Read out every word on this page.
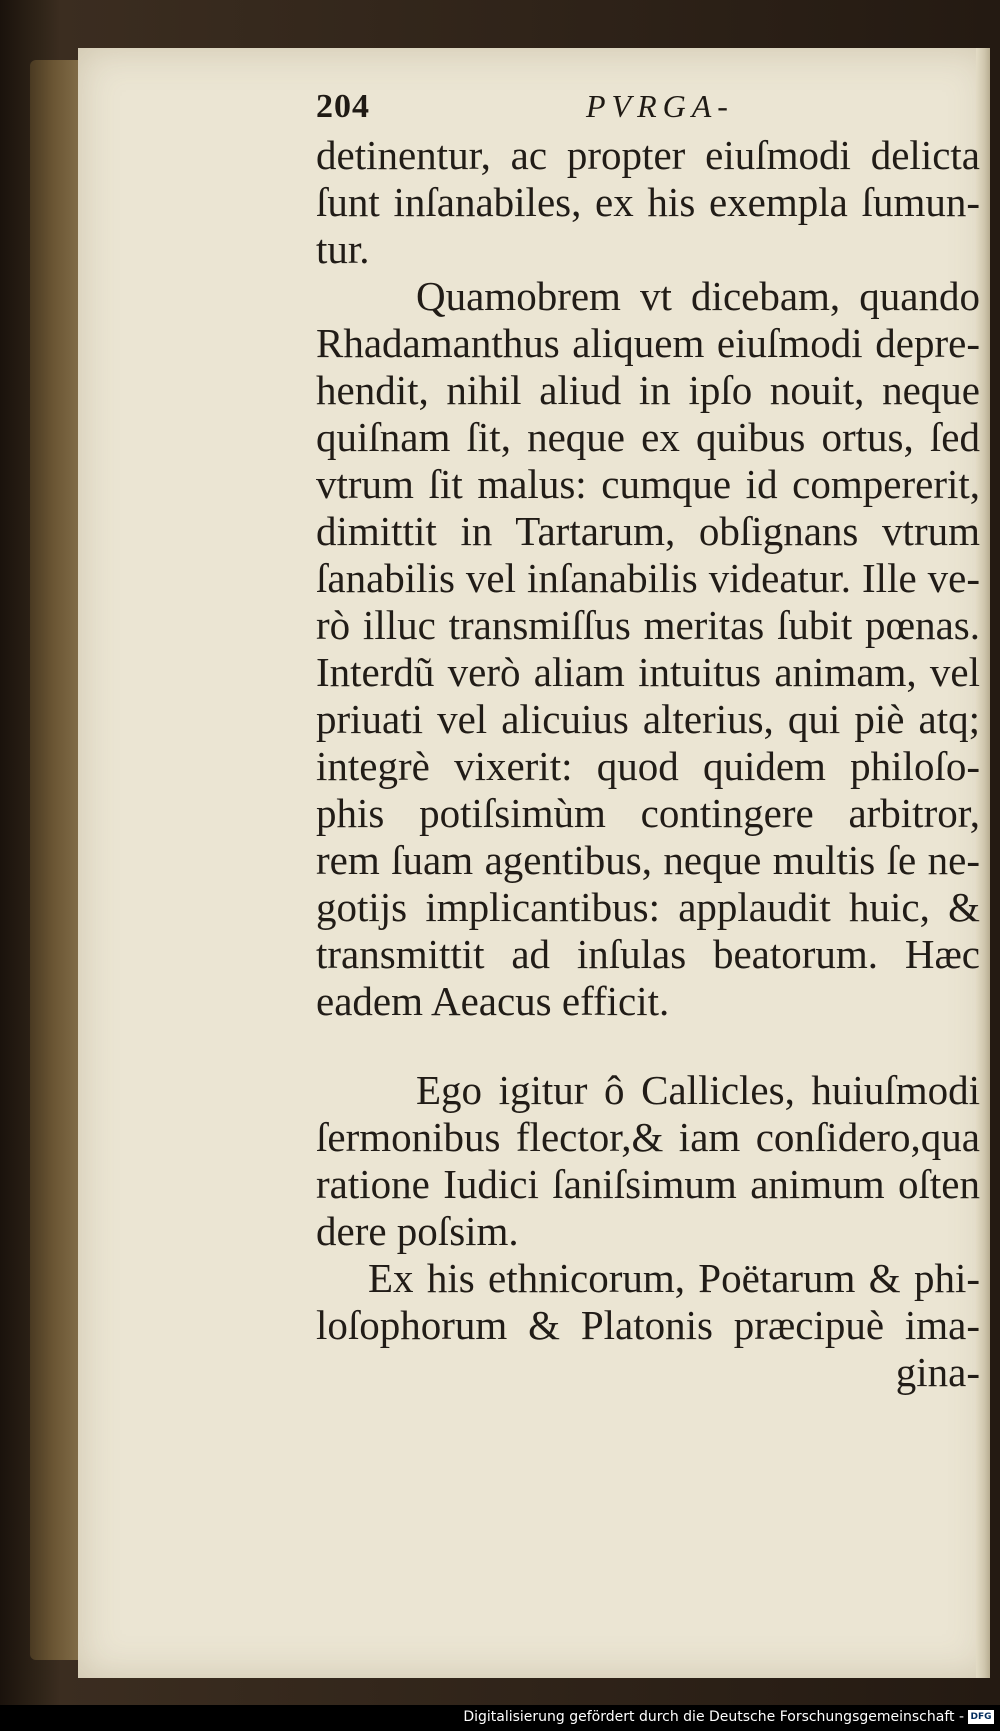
204	PVRGA-
detinentur, ac propter eiuſmodi delicta
ſunt inſanabiles, ex his exempla ſumun-
tur.
Quamobrem vt dicebam, quando
Rhadamanthus aliquem eiuſmodi depre-
hendit, nihil aliud in ipſo nouit, neque
quiſnam ſit, neque ex quibus ortus, ſed
vtrum ſit malus: cumque id compererit,
dimittit in Tartarum, obſignans vtrum
ſanabilis vel inſanabilis videatur. Ille ve-
rò illuc transmiſſus meritas ſubit pœnas.
Interdũ verò aliam intuitus animam, vel
priuati vel alicuius alterius, qui piè atq;
integrè vixerit: quod quidem philoſo-
phis potiſsimùm contingere arbitror,
rem ſuam agentibus, neque multis ſe ne-
gotijs implicantibus: applaudit huic, &
transmittit ad inſulas beatorum. Hæc
eadem Aeacus efficit.
Ego igitur ô Callicles, huiuſmodi
ſermonibus flector,& iam conſidero,qua
ratione Iudici ſaniſsimum animum oſten
dere poſsim.
Ex his ethnicorum, Poëtarum & phi-
loſophorum & Platonis præcipuè ima-
gina-
Digitalisierung gefördert durch die Deutsche Forschungsgemeinschaft - DFG
